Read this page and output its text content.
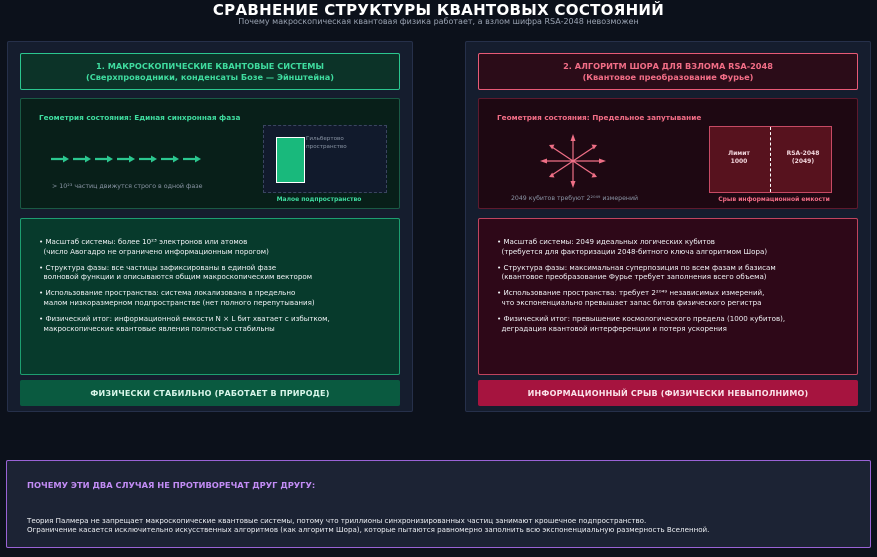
СРАВНЕНИЕ СТРУКТУРЫ КВАНТОВЫХ СОСТОЯНИЙ
Почему макроскопическая квантовая физика работает, а взлом шифра RSA-2048 невозможен
1. МАКРОСКОПИЧЕСКИЕ КВАНТОВЫЕ СИСТЕМЫ
(Сверхпроводники, конденсаты Бозе — Эйнштейна)
Геометрия состояния: Единая синхронная фаза
> 10²³ частиц движутся строго в одной фазе
Гильбертово
пространство
Малое подпространство
• Масштаб системы: более 10²³ электронов или атомов
(число Авогадро не ограничено информационным порогом)
• Структура фазы: все частицы зафиксированы в единой фазе
волновой функции и описываются общим макроскопическим вектором
• Использование пространства: система локализована в предельно
малом низкоразмерном подпространстве (нет полного перепутывания)
• Физический итог: информационной емкости N × L бит хватает с избытком,
макроскопические квантовые явления полностью стабильны
ФИЗИЧЕСКИ СТАБИЛЬНО (РАБОТАЕТ В ПРИРОДЕ)
2. АЛГОРИТМ ШОРА ДЛЯ ВЗЛОМА RSA-2048
(Квантовое преобразование Фурье)
Геометрия состояния: Предельное запутывание
2049 кубитов требуют 2²⁰⁴⁹ измерений
Лимит
1000
RSA-2048
(2049)
Срыв информационной емкости
• Масштаб системы: 2049 идеальных логических кубитов
(требуется для факторизации 2048-битного ключа алгоритмом Шора)
• Структура фазы: максимальная суперпозиция по всем фазам и базисам
(квантовое преобразование Фурье требует заполнения всего объема)
• Использование пространства: требует 2²⁰⁴⁹ независимых измерений,
что экспоненциально превышает запас битов физического регистра
• Физический итог: превышение космологического предела (1000 кубитов),
деградация квантовой интерференции и потеря ускорения
ИНФОРМАЦИОННЫЙ СРЫВ (ФИЗИЧЕСКИ НЕВЫПОЛНИМО)
ПОЧЕМУ ЭТИ ДВА СЛУЧАЯ НЕ ПРОТИВОРЕЧАТ ДРУГ ДРУГУ:
Теория Палмера не запрещает макроскопические квантовые системы, потому что триллионы синхронизированных частиц занимают крошечное подпространство.
Ограничение касается исключительно искусственных алгоритмов (как алгоритм Шора), которые пытаются равномерно заполнить всю экспоненциальную размерность Вселенной.
